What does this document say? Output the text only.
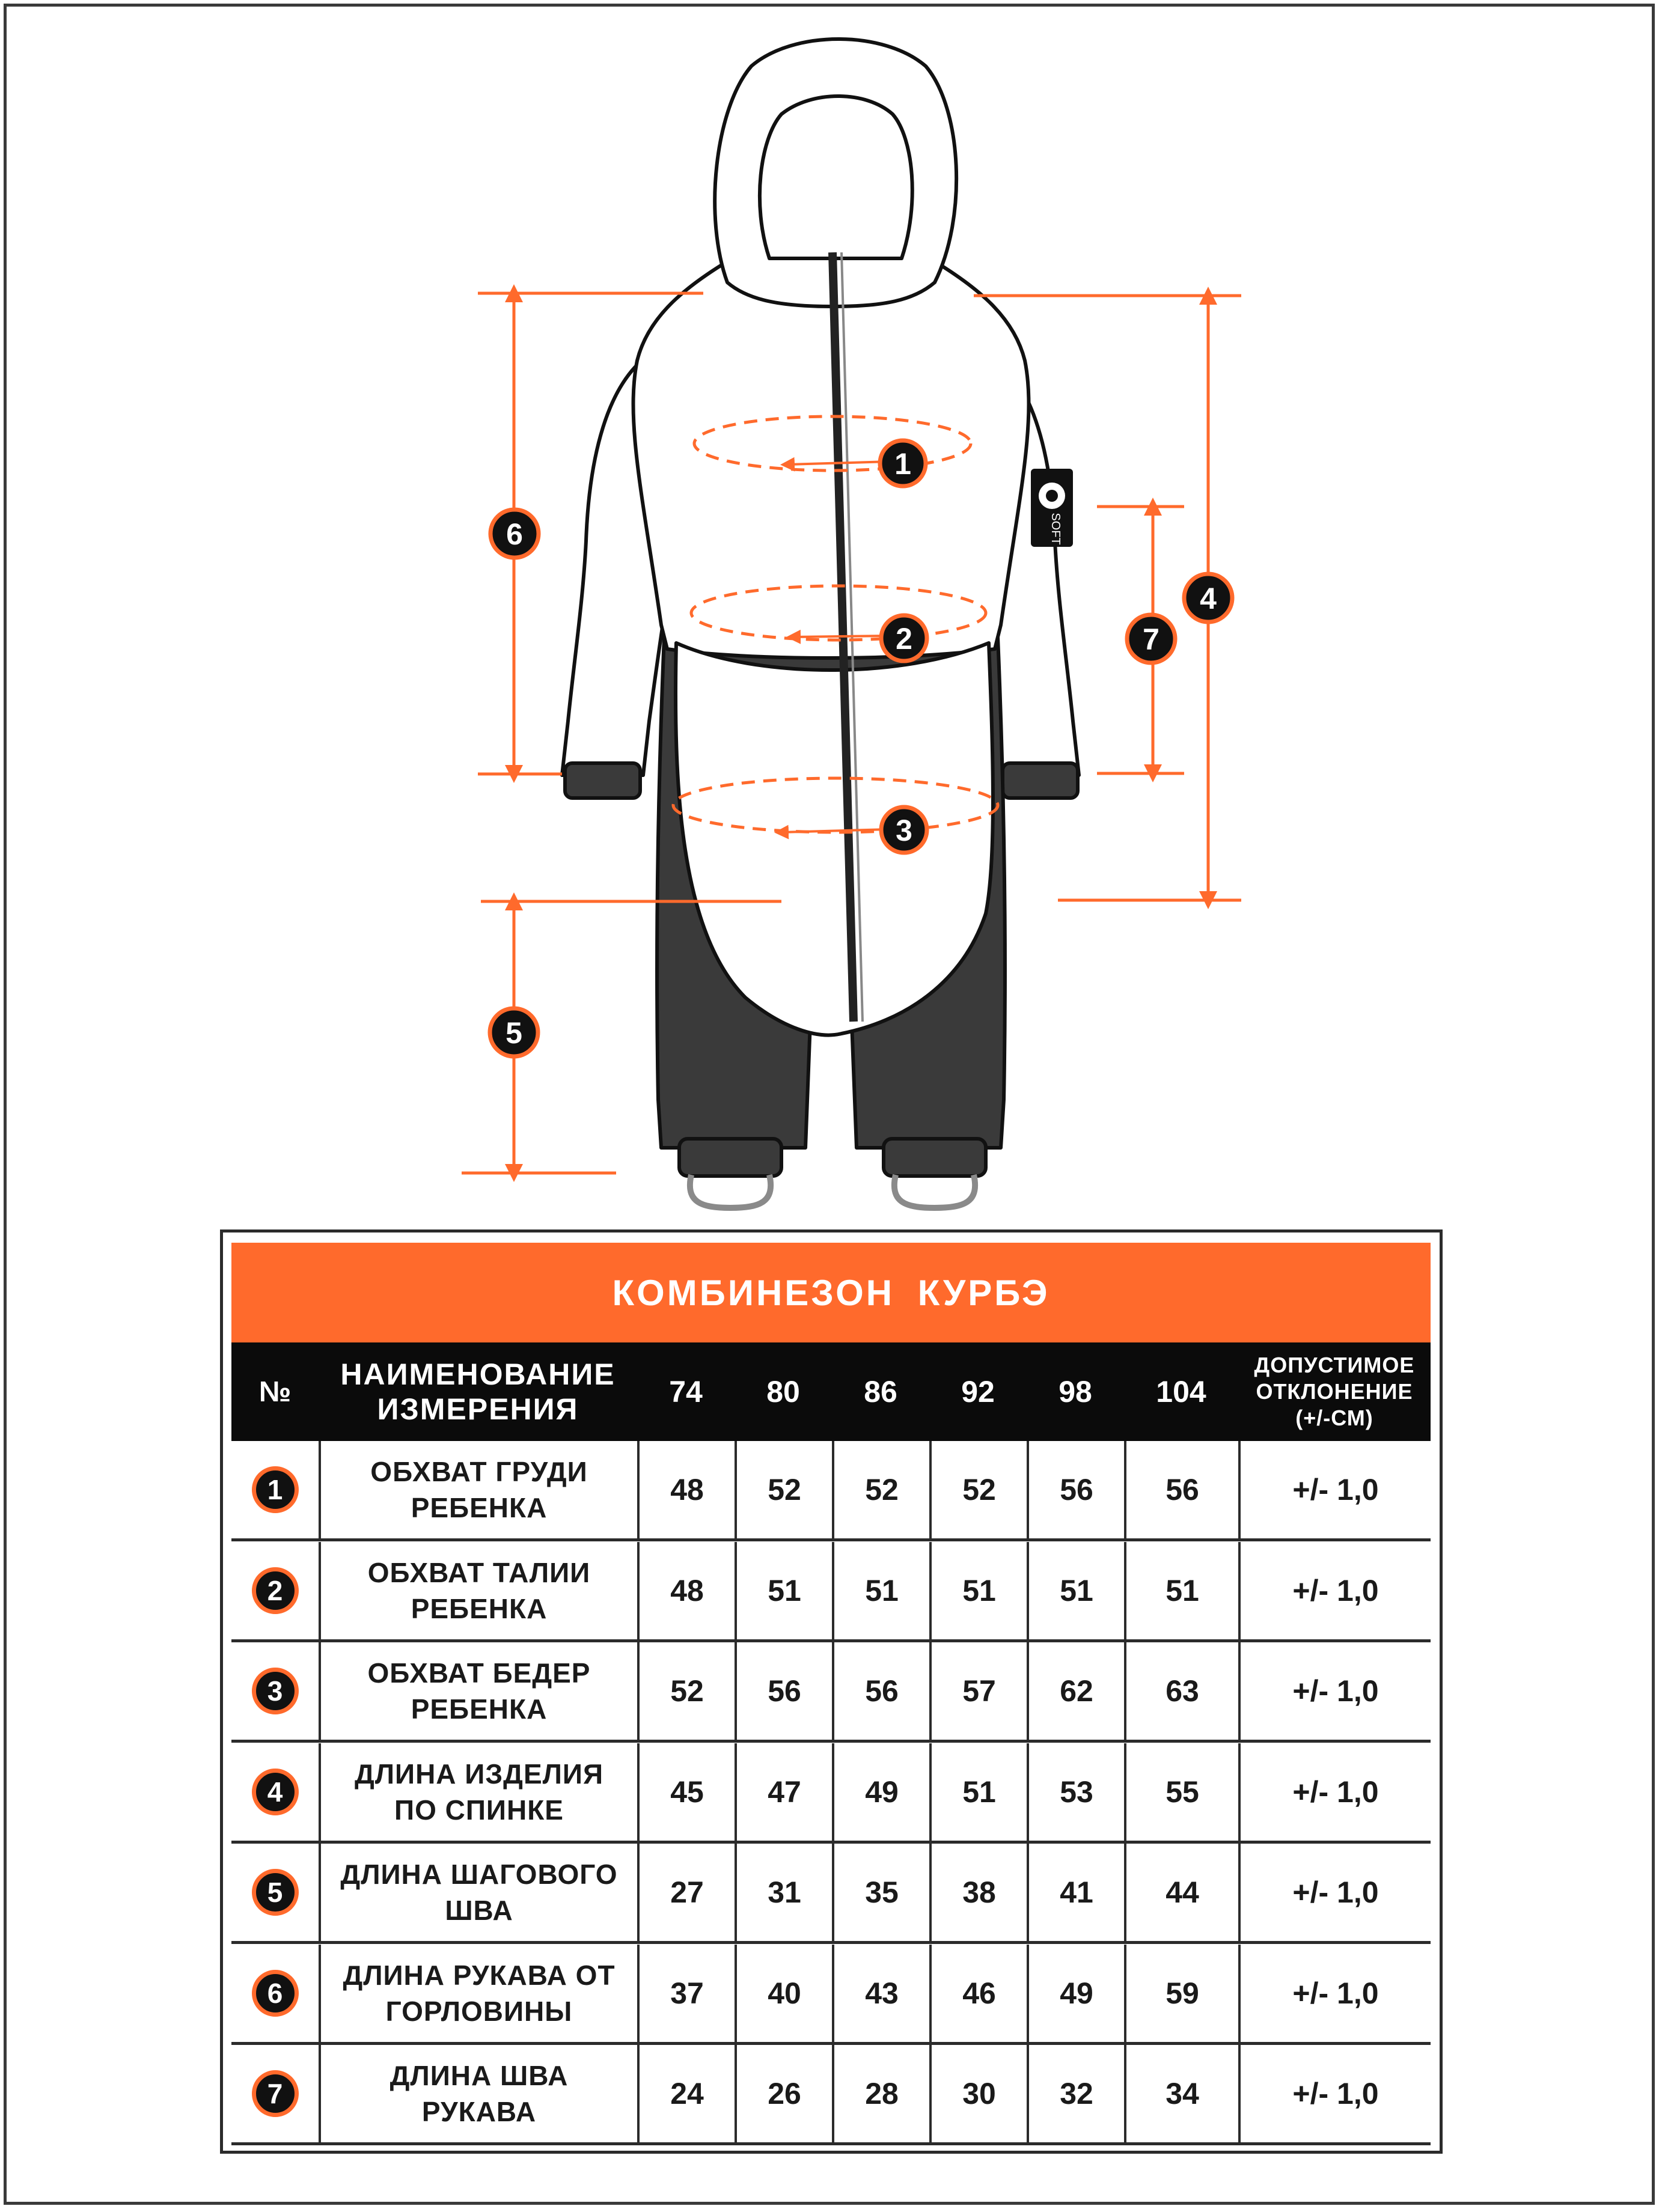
SOFT
1
2
3
4
5
6
7
КОМБИНЕЗОН КУРБЭ
№
НАИМЕНОВАНИЕ ИЗМЕРЕНИЯ
74	80	86	92	98	104
ДОПУСТИМОЕ ОТКЛОНЕНИЕ (+/-СМ)
1
ОБХВАТ ГРУДИ РЕБЕНКА
48	52	52	52	56	56	+/- 1,0
2
ОБХВАТ ТАЛИИ РЕБЕНКА
48	51	51	51	51	51	+/- 1,0
3
ОБХВАТ БЕДЕР РЕБЕНКА
52	56	56	57	62	63	+/- 1,0
4
ДЛИНА ИЗДЕЛИЯ ПО СПИНКЕ
45	47	49	51	53	55	+/- 1,0
5
ДЛИНА ШАГОВОГО ШВА
27	31	35	38	41	44	+/- 1,0
6
ДЛИНА РУКАВА ОТ ГОРЛОВИНЫ
37	40	43	46	49	59	+/- 1,0
7
ДЛИНА ШВА РУКАВА
24	26	28	30	32	34	+/- 1,0
